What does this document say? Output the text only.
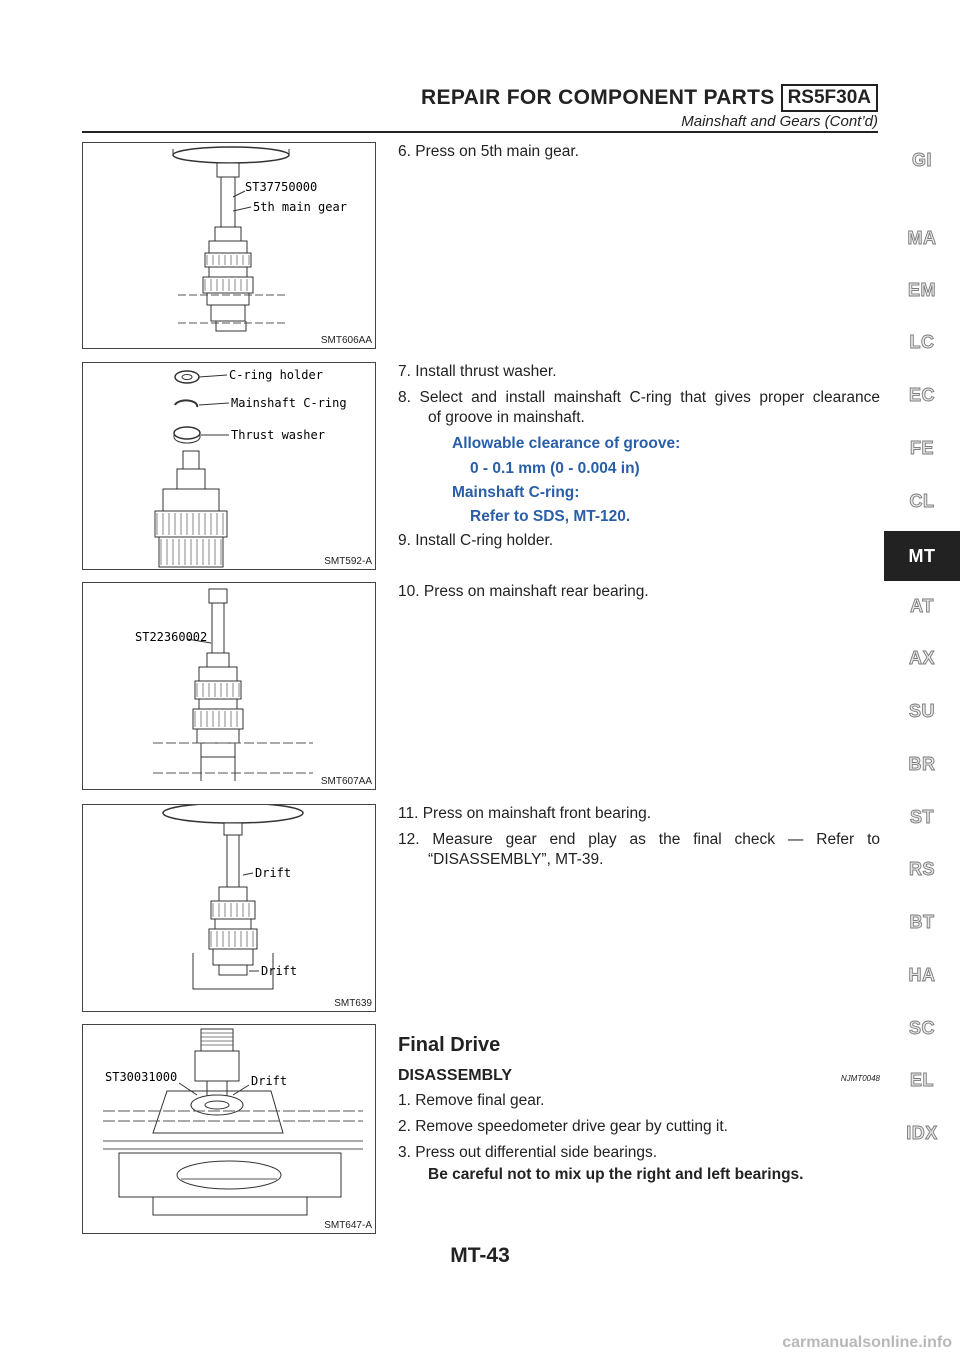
REPAIR FOR COMPONENT PARTS RS5F30A
Mainshaft and Gears (Cont’d)
ST37750000
5th main gear
SMT606AA
6. Press on 5th main gear.
C-ring holder
Mainshaft C-ring
Thrust washer
SMT592-A
7. Install thrust washer.
8. Select and install mainshaft C-ring that gives proper clearance
of groove in mainshaft.
Allowable clearance of groove:
0 - 0.1 mm (0 - 0.004 in)
Mainshaft C-ring:
Refer to SDS, MT-120.
9. Install C-ring holder.
ST22360002
SMT607AA
10. Press on mainshaft rear bearing.
Drift
Drift
SMT639
11. Press on mainshaft front bearing.
12. Measure gear end play as the final check — Refer to
“DISASSEMBLY”, MT-39.
ST30031000	Drift
SMT647-A
Final Drive
DISASSEMBLY	NJMT0048
1. Remove final gear.
2. Remove speedometer drive gear by cutting it.
3. Press out differential side bearings.
Be careful not to mix up the right and left bearings.
GI
MA
EM
LC
EC
FE
CL
MT
AT
AX
SU
BR
ST
RS
BT
HA
SC
EL
IDX
MT-43
carmanualsonline.info
